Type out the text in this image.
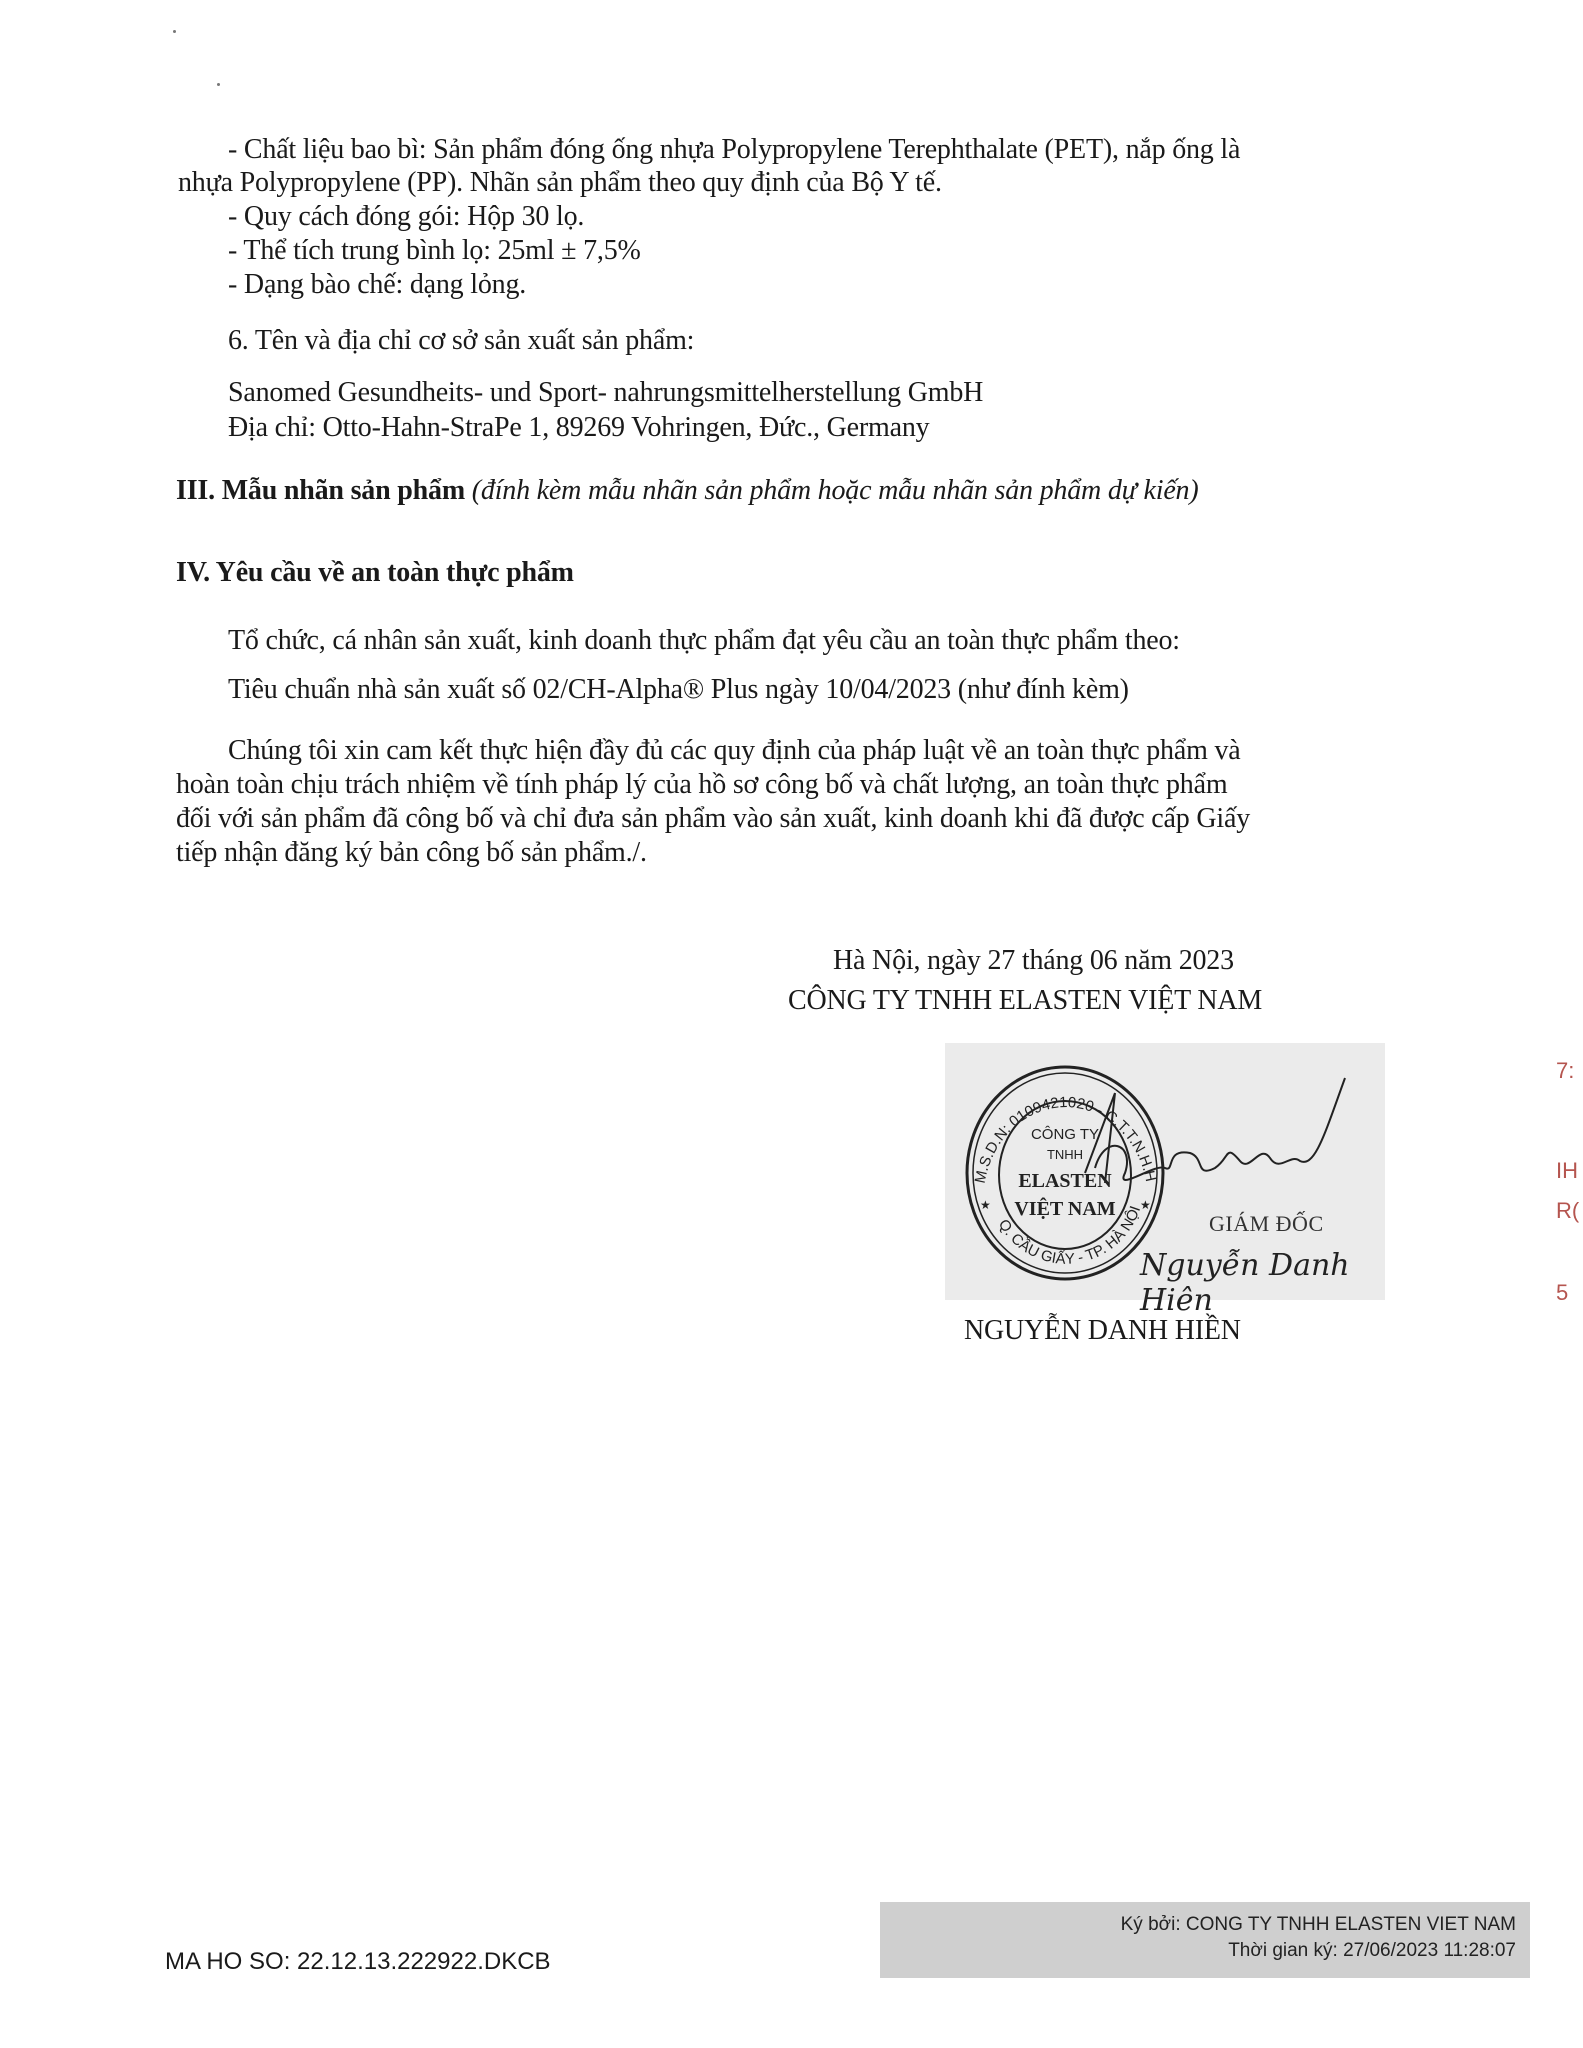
- Chất liệu bao bì: Sản phẩm đóng ống nhựa Polypropylene Terephthalate (PET), nắp ống là
nhựa Polypropylene (PP). Nhãn sản phẩm theo quy định của Bộ Y tế.
- Quy cách đóng gói: Hộp 30 lọ.
- Thể tích trung bình lọ: 25ml ± 7,5%
- Dạng bào chế: dạng lỏng.
6. Tên và địa chỉ cơ sở sản xuất sản phẩm:
Sanomed Gesundheits- und Sport- nahrungsmittelherstellung GmbH
Địa chỉ: Otto-Hahn-StraPe 1, 89269 Vohringen, Đức., Germany
III. Mẫu nhãn sản phẩm (đính kèm mẫu nhãn sản phẩm hoặc mẫu nhãn sản phẩm dự kiến)
IV. Yêu cầu về an toàn thực phẩm
Tổ chức, cá nhân sản xuất, kinh doanh thực phẩm đạt yêu cầu an toàn thực phẩm theo:
Tiêu chuẩn nhà sản xuất số 02/CH-Alpha® Plus ngày 10/04/2023 (như đính kèm)
Chúng tôi xin cam kết thực hiện đầy đủ các quy định của pháp luật về an toàn thực phẩm và
hoàn toàn chịu trách nhiệm về tính pháp lý của hồ sơ công bố và chất lượng, an toàn thực phẩm
đối với sản phẩm đã công bố và chỉ đưa sản phẩm vào sản xuất, kinh doanh khi đã được cấp Giấy
tiếp nhận đăng ký bản công bố sản phẩm./.
Hà Nội, ngày 27 tháng 06 năm 2023
CÔNG TY TNHH ELASTEN VIỆT NAM
M.S.D.N: 0109421020 - C.T.T.N.H.H
Q. CẦU GIẤY - TP. HÀ NỘI
★	★
CÔNG TY
TNHH
ELASTEN
VIỆT NAM
GIÁM ĐỐC
Nguyễn Danh Hiên
NGUYỄN DANH HIỀN
7:
IH
R(
5
Ký bởi: CONG TY TNHH ELASTEN VIET NAM
Thời gian ký: 27/06/2023 11:28:07
MA HO SO: 22.12.13.222922.DKCB
